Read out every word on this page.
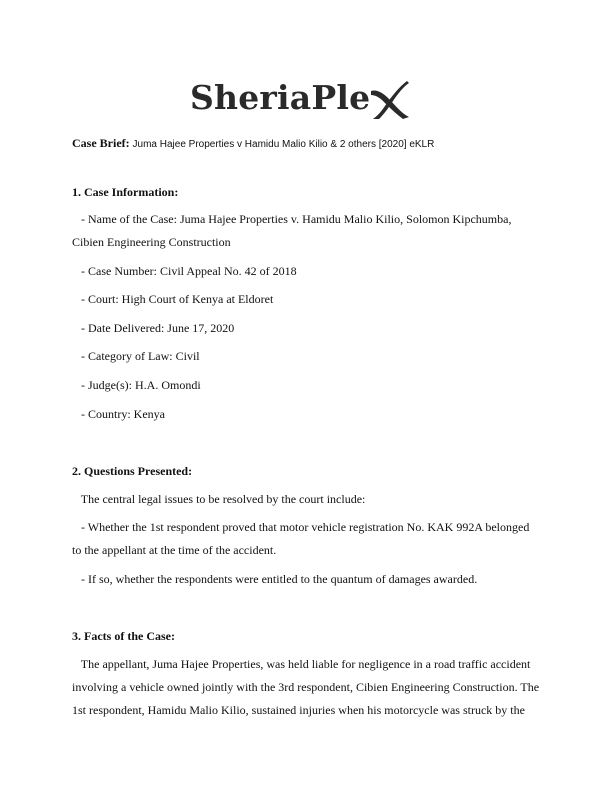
SheriaPle
Case Brief: Juma Hajee Properties v Hamidu Malio Kilio & 2 others [2020] eKLR
1. Case Information:
- Name of the Case: Juma Hajee Properties v. Hamidu Malio Kilio, Solomon Kipchumba,
Cibien Engineering Construction
- Case Number: Civil Appeal No. 42 of 2018
- Court: High Court of Kenya at Eldoret
- Date Delivered: June 17, 2020
- Category of Law: Civil
- Judge(s): H.A. Omondi
- Country: Kenya
2. Questions Presented:
The central legal issues to be resolved by the court include:
- Whether the 1st respondent proved that motor vehicle registration No. KAK 992A belonged
to the appellant at the time of the accident.
- If so, whether the respondents were entitled to the quantum of damages awarded.
3. Facts of the Case:
The appellant, Juma Hajee Properties, was held liable for negligence in a road traffic accident
involving a vehicle owned jointly with the 3rd respondent, Cibien Engineering Construction. The
1st respondent, Hamidu Malio Kilio, sustained injuries when his motorcycle was struck by the
